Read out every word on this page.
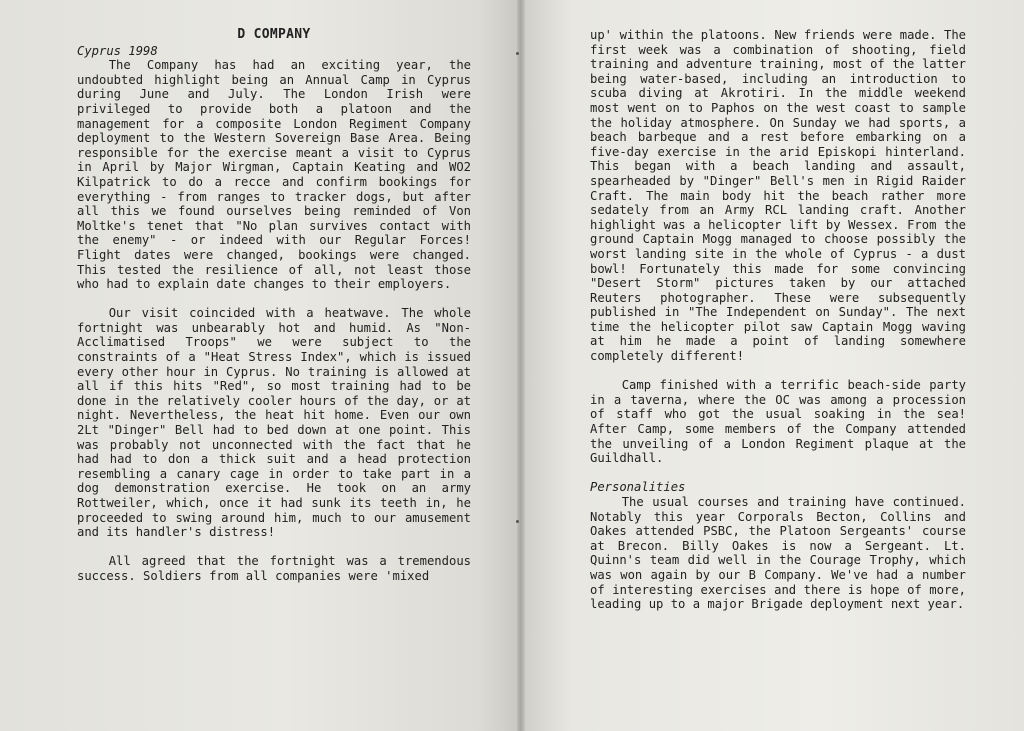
D COMPANY
Cyprus 1998

The Company has had an exciting year, the undoubted highlight being an Annual Camp in Cyprus during June and July. The London Irish were privileged to provide both a platoon and the management for a composite London Regiment Company deployment to the Western Sovereign Base Area. Being responsible for the exercise meant a visit to Cyprus in April by Major Wirgman, Captain Keating and WO2 Kilpatrick to do a recce and confirm bookings for everything - from ranges to tracker dogs, but after all this we found ourselves being reminded of Von Moltke's tenet that "No plan survives contact with the enemy" - or indeed with our Regular Forces! Flight dates were changed, bookings were changed. This tested the resilience of all, not least those who had to explain date changes to their employers.

Our visit coincided with a heatwave. The whole fortnight was unbearably hot and humid. As "Non-Acclimatised Troops" we were subject to the constraints of a "Heat Stress Index", which is issued every other hour in Cyprus. No training is allowed at all if this hits "Red", so most training had to be done in the relatively cooler hours of the day, or at night. Nevertheless, the heat hit home. Even our own 2Lt "Dinger" Bell had to bed down at one point. This was probably not unconnected with the fact that he had had to don a thick suit and a head protection resembling a canary cage in order to take part in a dog demonstration exercise. He took on an army Rottweiler, which, once it had sunk its teeth in, he proceeded to swing around him, much to our amusement and its handler's distress!

All agreed that the fortnight was a tremendous success. Soldiers from all companies were 'mixed

up' within the platoons. New friends were made. The first week was a combination of shooting, field training and adventure training, most of the latter being water-based, including an introduction to scuba diving at Akrotiri. In the middle weekend most went on to Paphos on the west coast to sample the holiday atmosphere. On Sunday we had sports, a beach barbeque and a rest before embarking on a five-day exercise in the arid Episkopi hinterland. This began with a beach landing and assault, spearheaded by "Dinger" Bell's men in Rigid Raider Craft. The main body hit the beach rather more sedately from an Army RCL landing craft. Another highlight was a helicopter lift by Wessex. From the ground Captain Mogg managed to choose possibly the worst landing site in the whole of Cyprus - a dust bowl! Fortunately this made for some convincing "Desert Storm" pictures taken by our attached Reuters photographer. These were subsequently published in "The Independent on Sunday". The next time the helicopter pilot saw Captain Mogg waving at him he made a point of landing somewhere completely different!

Camp finished with a terrific beach-side party in a taverna, where the OC was among a procession of staff who got the usual soaking in the sea! After Camp, some members of the Company attended the unveiling of a London Regiment plaque at the Guildhall.

Personalities

The usual courses and training have continued. Notably this year Corporals Becton, Collins and Oakes attended PSBC, the Platoon Sergeants' course at Brecon. Billy Oakes is now a Sergeant. Lt. Quinn's team did well in the Courage Trophy, which was won again by our B Company. We've had a number of interesting exercises and there is hope of more, leading up to a major Brigade deployment next year.
